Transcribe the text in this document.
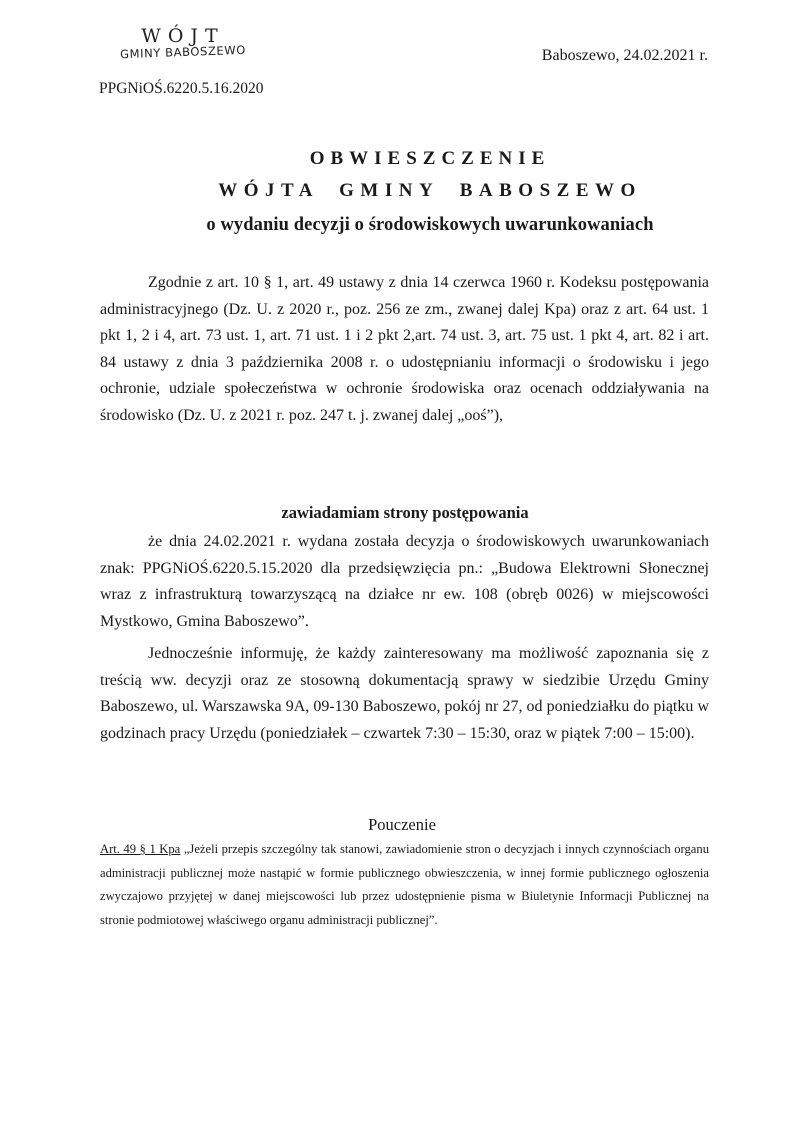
WÓJT
GMINY BABOSZEWO	Baboszewo, 24.02.2021 r.
PPGNiOŚ.6220.5.16.2020
OBWIESZCZENIE
WÓJTA GMINY BABOSZEWO
o wydaniu decyzji o środowiskowych uwarunkowaniach
Zgodnie z art. 10 § 1, art. 49 ustawy z dnia 14 czerwca 1960 r. Kodeksu postępowania administracyjnego (Dz. U. z 2020 r., poz. 256 ze zm., zwanej dalej Kpa) oraz z art. 64 ust. 1 pkt 1, 2 i 4, art. 73 ust. 1, art. 71 ust. 1 i 2 pkt 2,art. 74 ust. 3, art. 75 ust. 1 pkt 4, art. 82 i art. 84 ustawy z dnia 3 października 2008 r. o udostępnianiu informacji o środowisku i jego ochronie, udziale społeczeństwa w ochronie środowiska oraz ocenach oddziaływania na środowisko (Dz. U. z 2021 r. poz. 247 t. j. zwanej dalej „ooś”),
zawiadamiam strony postępowania
że dnia 24.02.2021 r. wydana została decyzja o środowiskowych uwarunkowaniach znak: PPGNiOŚ.6220.5.15.2020 dla przedsięwzięcia pn.: „Budowa Elektrowni Słonecznej wraz z infrastrukturą towarzyszącą na działce nr ew. 108 (obręb 0026) w miejscowości Mystkowo, Gmina Baboszewo”.
Jednocześnie informuję, że każdy zainteresowany ma możliwość zapoznania się z treścią ww. decyzji oraz ze stosowną dokumentacją sprawy w siedzibie Urzędu Gminy Baboszewo, ul. Warszawska 9A, 09-130 Baboszewo, pokój nr 27, od poniedziałku do piątku w godzinach pracy Urzędu (poniedziałek – czwartek 7:30 – 15:30, oraz w piątek 7:00 – 15:00).
Pouczenie
Art. 49 § 1 Kpa „Jeżeli przepis szczególny tak stanowi, zawiadomienie stron o decyzjach i innych czynnościach organu administracji publicznej może nastąpić w formie publicznego obwieszczenia, w innej formie publicznego ogłoszenia zwyczajowo przyjętej w danej miejscowości lub przez udostępnienie pisma w Biuletynie Informacji Publicznej na stronie podmiotowej właściwego organu administracji publicznej”.
